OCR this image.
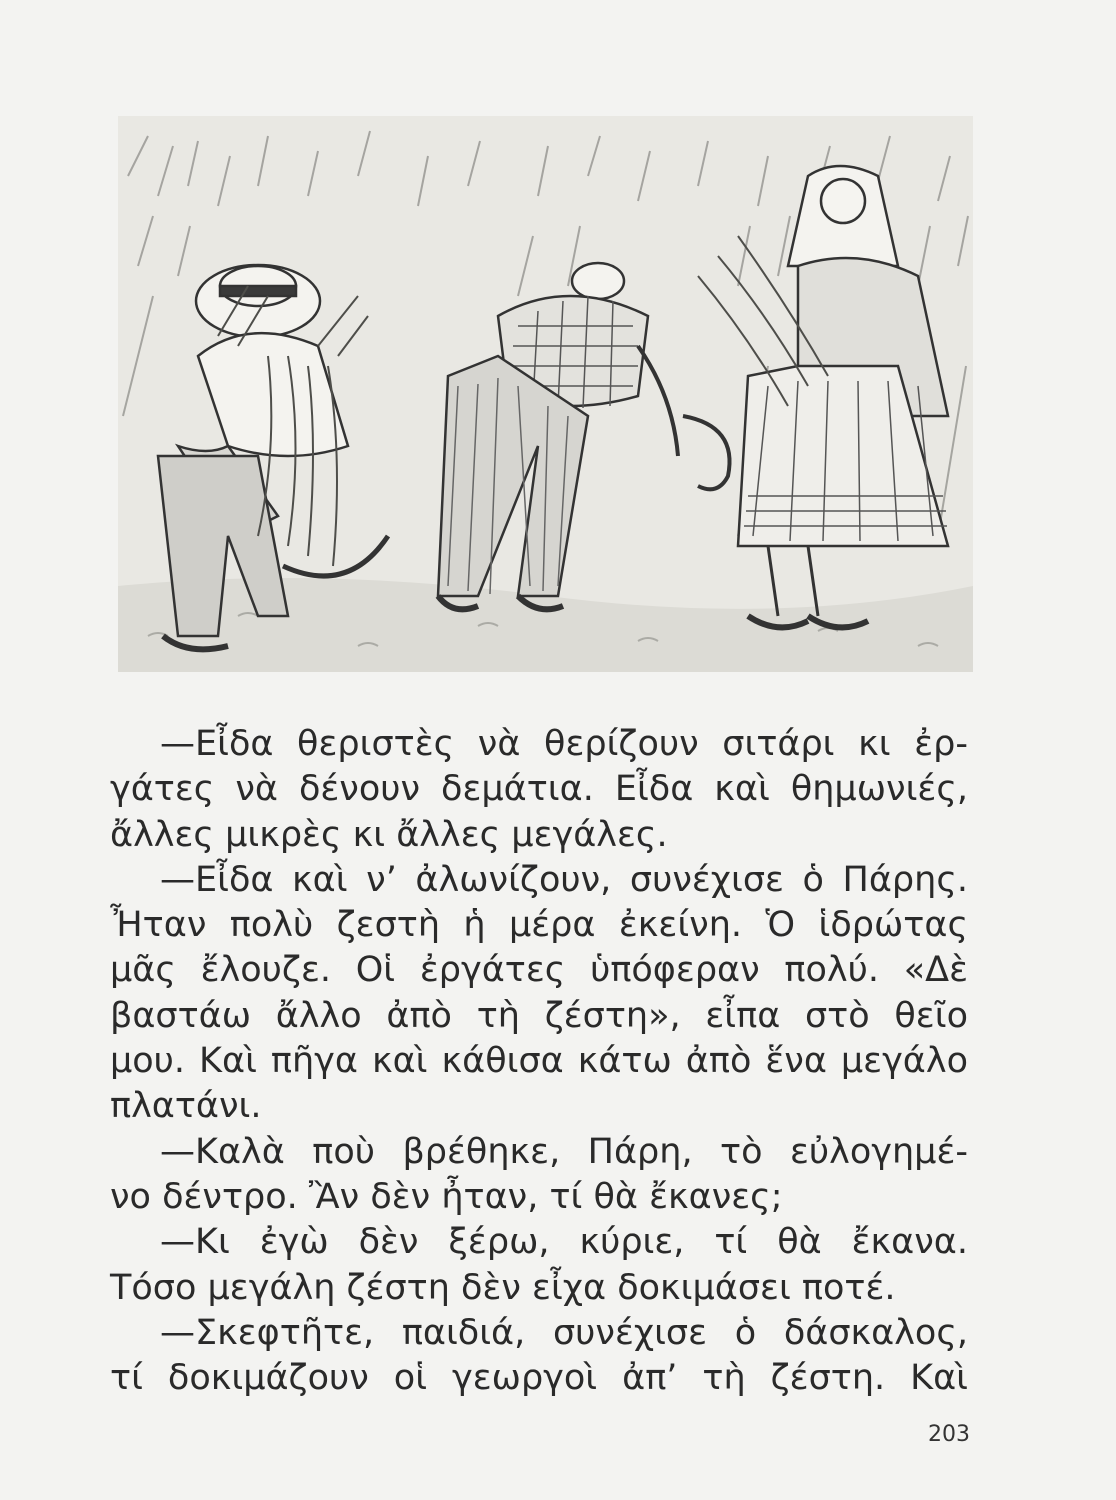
—Εἶδα θεριστὲς νὰ θερίζουν σιτάρι κι ἐρ-
γάτες νὰ δένουν δεμάτια. Εἶδα καὶ θημωνιές,
ἄλλες μικρὲς κι ἄλλες μεγάλες.
—Εἶδα καὶ ν’ ἀλωνίζουν, συνέχισε ὁ Πάρης.
Ἦταν πολὺ ζεστὴ ἡ μέρα ἐκείνη. Ὁ ἱδρώτας
μᾶς ἔλουζε. Οἱ ἐργάτες ὑπόφεραν πολύ. «Δὲ
βαστάω ἄλλο ἀπὸ τὴ ζέστη», εἶπα στὸ θεῖο
μου. Καὶ πῆγα καὶ κάθισα κάτω ἀπὸ ἕνα μεγάλο
πλατάνι.
—Καλὰ ποὺ βρέθηκε, Πάρη, τὸ εὐλογημέ-
νο δέντρο. Ἂν δὲν ἦταν, τί θὰ ἔκανες;
—Κι ἐγὼ δὲν ξέρω, κύριε, τί θὰ ἔκανα.
Τόσο μεγάλη ζέστη δὲν εἶχα δοκιμάσει ποτέ.
—Σκεφτῆτε, παιδιά, συνέχισε ὁ δάσκαλος,
τί δοκιμάζουν οἱ γεωργοὶ ἀπ’ τὴ ζέστη. Καὶ
203
